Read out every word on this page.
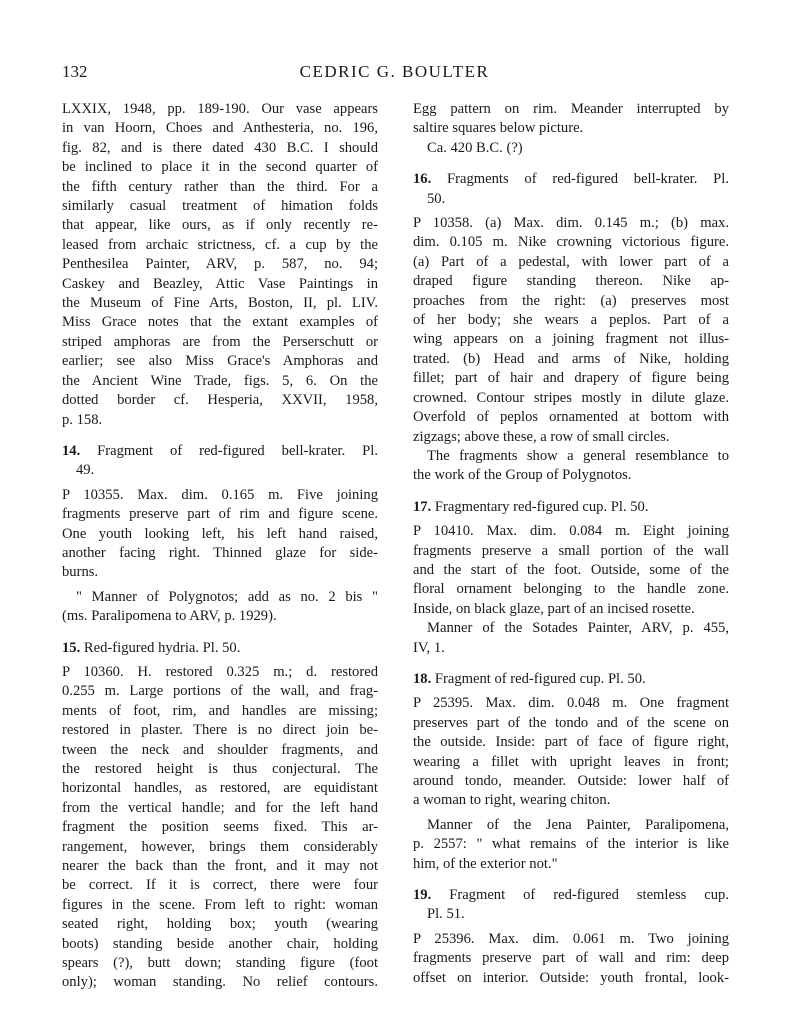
132	CEDRIC G. BOULTER
LXXIX, 1948, pp. 189-190. Our vase appears
in van Hoorn, Choes and Anthesteria, no. 196,
fig. 82, and is there dated 430 B.C. I should
be inclined to place it in the second quarter of
the fifth century rather than the third. For a
similarly casual treatment of himation folds
that appear, like ours, as if only recently re-
leased from archaic strictness, cf. a cup by the
Penthesilea Painter, ARV, p. 587, no. 94;
Caskey and Beazley, Attic Vase Paintings in
the Museum of Fine Arts, Boston, II, pl. LIV.
Miss Grace notes that the extant examples of
striped amphoras are from the Perserschutt or
earlier; see also Miss Grace's Amphoras and
the Ancient Wine Trade, figs. 5, 6. On the
dotted border cf. Hesperia, XXVII, 1958,
p. 158.
14. Fragment of red-figured bell-krater. Pl.
49.
P 10355. Max. dim. 0.165 m. Five joining
fragments preserve part of rim and figure scene.
One youth looking left, his left hand raised,
another facing right. Thinned glaze for side-
burns.
" Manner of Polygnotos; add as no. 2 bis "
(ms. Paralipomena to ARV, p. 1929).
15. Red-figured hydria. Pl. 50.
P 10360. H. restored 0.325 m.; d. restored
0.255 m. Large portions of the wall, and frag-
ments of foot, rim, and handles are missing;
restored in plaster. There is no direct join be-
tween the neck and shoulder fragments, and
the restored height is thus conjectural. The
horizontal handles, as restored, are equidistant
from the vertical handle; and for the left hand
fragment the position seems fixed. This ar-
rangement, however, brings them considerably
nearer the back than the front, and it may not
be correct. If it is correct, there were four
figures in the scene. From left to right: woman
seated right, holding box; youth (wearing
boots) standing beside another chair, holding
spears (?), butt down; standing figure (foot
only); woman standing. No relief contours.
Egg pattern on rim. Meander interrupted by
saltire squares below picture.
Ca. 420 B.C. (?)
16. Fragments of red-figured bell-krater. Pl.
50.
P 10358. (a) Max. dim. 0.145 m.; (b) max.
dim. 0.105 m. Nike crowning victorious figure.
(a) Part of a pedestal, with lower part of a
draped figure standing thereon. Nike ap-
proaches from the right: (a) preserves most
of her body; she wears a peplos. Part of a
wing appears on a joining fragment not illus-
trated. (b) Head and arms of Nike, holding
fillet; part of hair and drapery of figure being
crowned. Contour stripes mostly in dilute glaze.
Overfold of peplos ornamented at bottom with
zigzags; above these, a row of small circles.
The fragments show a general resemblance to
the work of the Group of Polygnotos.
17. Fragmentary red-figured cup. Pl. 50.
P 10410. Max. dim. 0.084 m. Eight joining
fragments preserve a small portion of the wall
and the start of the foot. Outside, some of the
floral ornament belonging to the handle zone.
Inside, on black glaze, part of an incised rosette.
Manner of the Sotades Painter, ARV, p. 455,
IV, 1.
18. Fragment of red-figured cup. Pl. 50.
P 25395. Max. dim. 0.048 m. One fragment
preserves part of the tondo and of the scene on
the outside. Inside: part of face of figure right,
wearing a fillet with upright leaves in front;
around tondo, meander. Outside: lower half of
a woman to right, wearing chiton.
Manner of the Jena Painter, Paralipomena,
p. 2557: " what remains of the interior is like
him, of the exterior not."
19. Fragment of red-figured stemless cup.
Pl. 51.
P 25396. Max. dim. 0.061 m. Two joining
fragments preserve part of wall and rim: deep
offset on interior. Outside: youth frontal, look-
